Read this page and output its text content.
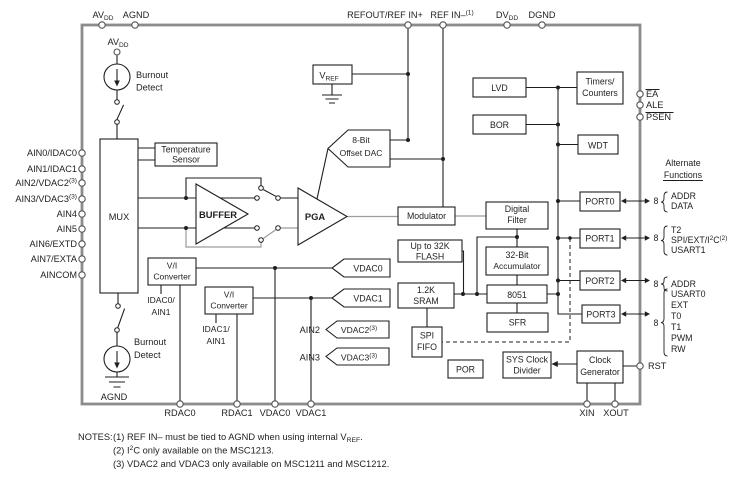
$AV_{DD}$ AGND	REFOUT/REF IN+ REF IN–$^{(1)}$ $DV_{DD}$ DGND
$AV_{DD}$
AIN0/IDAC0
AIN1/IDAC1
AIN2/VDAC2$^{(3)}$
AIN3/VDAC3$^{(3)}$
AIN4
AIN5
AIN6/EXTD
AIN7/EXTA
AINCOM
EA
ALE
PSEN
RST
RDAC0	RDAC1 VDAC0 VDAC1	XIN XOUT
AGND
MUX
Temperature
Sensor
BUFFER	PGA
$V_{REF}$
8-Bit
Offset DAC
Modulator
Digital
Filter
LVD
BOR
Timers/
Counters
WDT
PORT0
PORT1
PORT2
PORT3
Up to 32K
FLASH	32-Bit
Accumulator
1.2K
SRAM
8051
SFR
SPI
FIFO
POR
SYS Clock
Divider
Clock
Generator
V/I
Converter
V/I
Converter
Burnout
Detect
Burnout
Detect
IDAC0/
AIN1
IDAC1/
AIN1
VDAC0
VDAC1
VDAC2$^{(3)}$
VDAC3$^{(3)}$
AIN2
AIN3
Alternate
Functions
8
8
8
8
ADDR
DATA
T2
SPI/$EXT/I^2C^{(2)}$
USART1
ADDR
USART0
EXT
T0
T1
PWM
RW
NOTES: (1) REF IN– must be tied to AGND when using internal $V_{REF}$.
(2) $I^2C$ only available on the MSC1213.
(3) VDAC2 and VDAC3 only available on MSC1211 and MSC1212.
